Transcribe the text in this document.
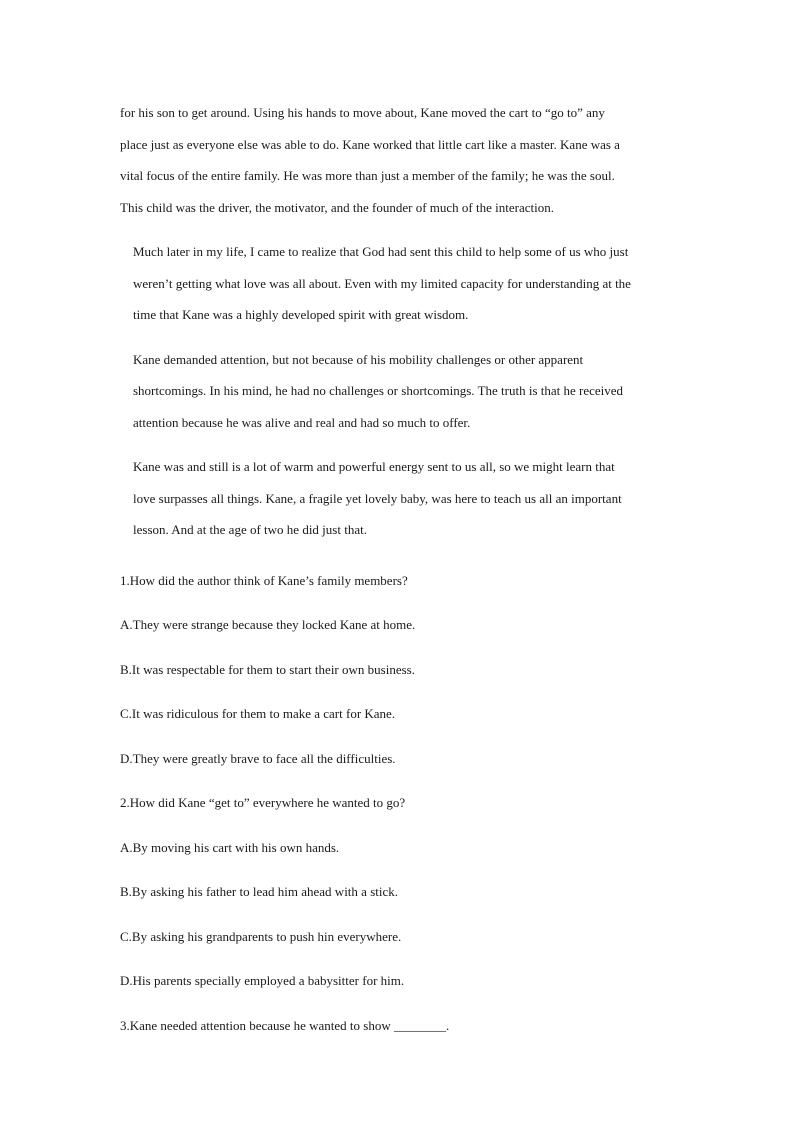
for his son to get around. Using his hands to move about, Kane moved the cart to “go to” any
place just as everyone else was able to do. Kane worked that little cart like a master. Kane was a
vital focus of the entire family. He was more than just a member of the family; he was the soul.
This child was the driver, the motivator, and the founder of much of the interaction.

Much later in my life, I came to realize that God had sent this child to help some of us who just
weren’t getting what love was all about. Even with my limited capacity for understanding at the
time that Kane was a highly developed spirit with great wisdom.

Kane demanded attention, but not because of his mobility challenges or other apparent
shortcomings. In his mind, he had no challenges or shortcomings. The truth is that he received
attention because he was alive and real and had so much to offer.

Kane was and still is a lot of warm and powerful energy sent to us all, so we might learn that
love surpasses all things. Kane, a fragile yet lovely baby, was here to teach us all an important
lesson. And at the age of two he did just that.

1.How did the author think of Kane’s family members?

A.They were strange because they locked Kane at home.

B.It was respectable for them to start their own business.

C.It was ridiculous for them to make a cart for Kane.

D.They were greatly brave to face all the difficulties.

2.How did Kane “get to” everywhere he wanted to go?

A.By moving his cart with his own hands.

B.By asking his father to lead him ahead with a stick.

C.By asking his grandparents to push hin everywhere.

D.His parents specially employed a babysitter for him.

3.Kane needed attention because he wanted to show ________.
